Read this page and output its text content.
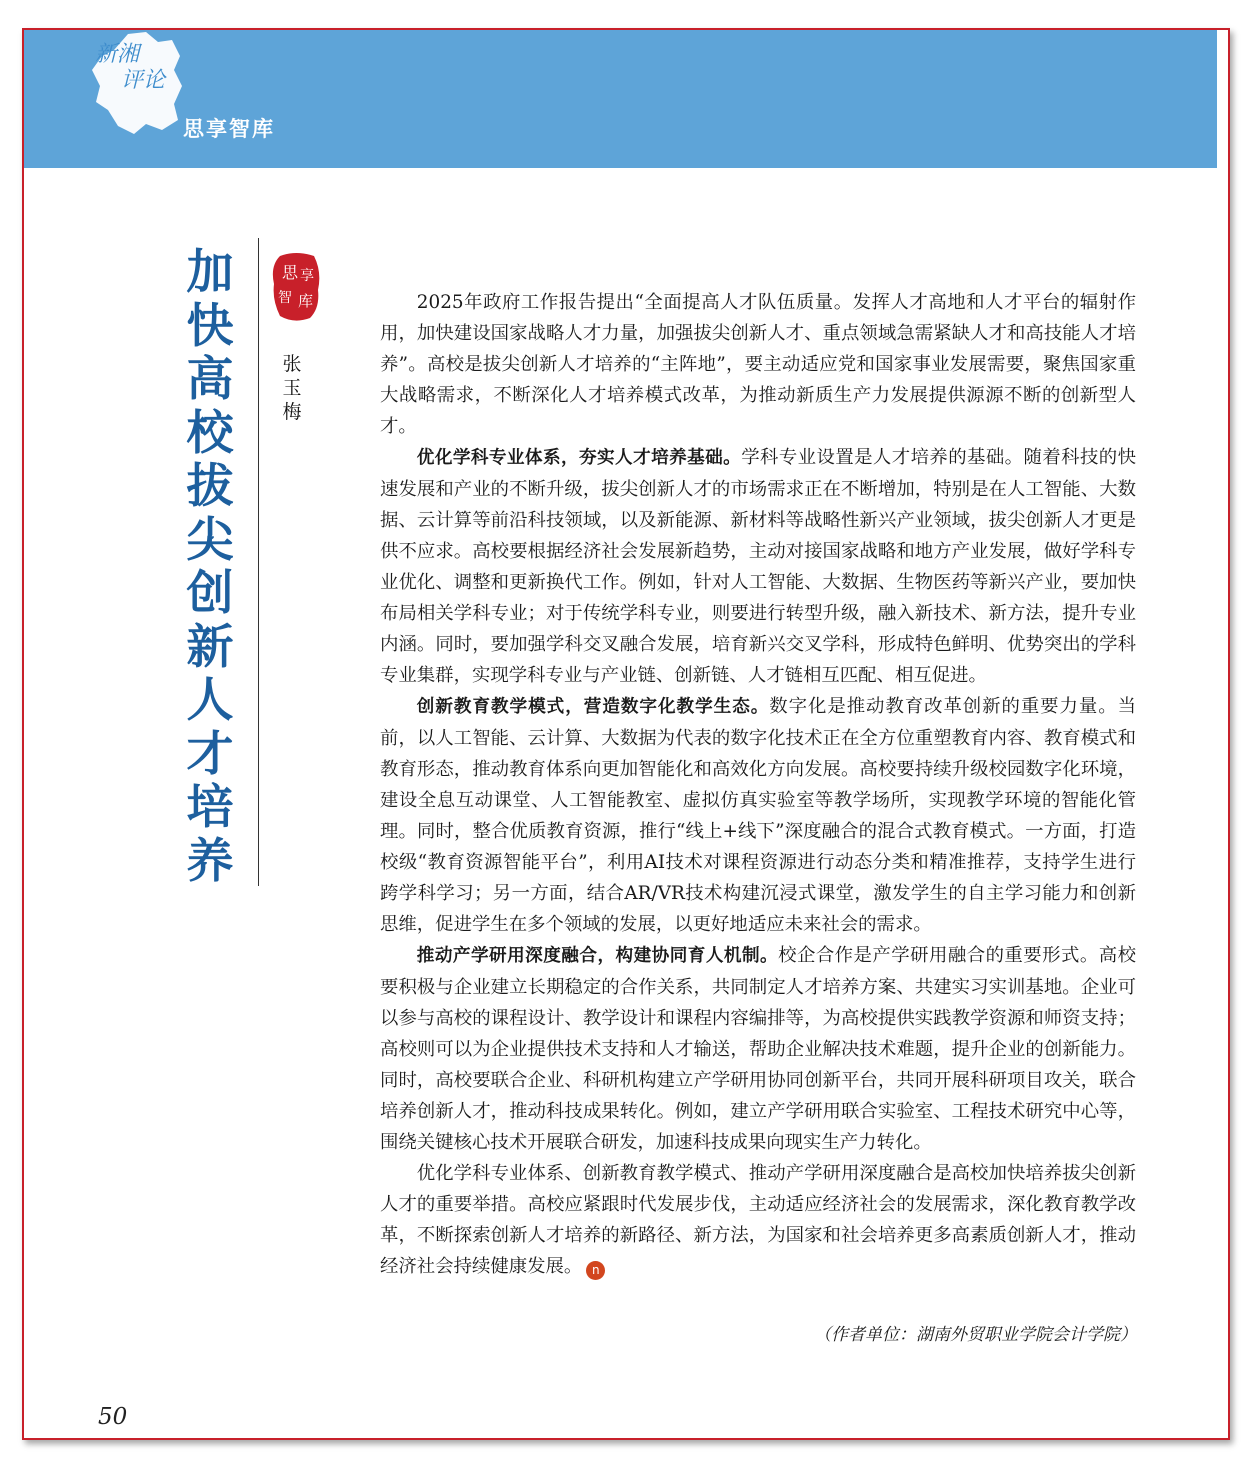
新湘
评论
思享智库
加
快
高
校
拔
尖
创
新
人
才
培
养
思 享
智 库
张
玉
梅

2025年政府工作报告提出“全面提高人才队伍质量。发挥人才高地和人才平台的辐射作用，加快建设国家战略人才力量，加强拔尖创新人才、重点领域急需紧缺人才和高技能人才培养”。高校是拔尖创新人才培养的“主阵地”，要主动适应党和国家事业发展需要，聚焦国家重大战略需求，不断深化人才培养模式改革，为推动新质生产力发展提供源源不断的创新型人才。

优化学科专业体系，夯实人才培养基础。学科专业设置是人才培养的基础。随着科技的快速发展和产业的不断升级，拔尖创新人才的市场需求正在不断增加，特别是在人工智能、大数据、云计算等前沿科技领域，以及新能源、新材料等战略性新兴产业领域，拔尖创新人才更是供不应求。高校要根据经济社会发展新趋势，主动对接国家战略和地方产业发展，做好学科专业优化、调整和更新换代工作。例如，针对人工智能、大数据、生物医药等新兴产业，要加快布局相关学科专业；对于传统学科专业，则要进行转型升级，融入新技术、新方法，提升专业内涵。同时，要加强学科交叉融合发展，培育新兴交叉学科，形成特色鲜明、优势突出的学科专业集群，实现学科专业与产业链、创新链、人才链相互匹配、相互促进。

创新教育教学模式，营造数字化教学生态。数字化是推动教育改革创新的重要力量。当前，以人工智能、云计算、大数据为代表的数字化技术正在全方位重塑教育内容、教育模式和教育形态，推动教育体系向更加智能化和高效化方向发展。高校要持续升级校园数字化环境，建设全息互动课堂、人工智能教室、虚拟仿真实验室等教学场所，实现教学环境的智能化管理。同时，整合优质教育资源，推行“线上+线下”深度融合的混合式教育模式。一方面，打造校级“教育资源智能平台”，利用AI技术对课程资源进行动态分类和精准推荐，支持学生进行跨学科学习；另一方面，结合AR/VR技术构建沉浸式课堂，激发学生的自主学习能力和创新思维，促进学生在多个领域的发展，以更好地适应未来社会的需求。

推动产学研用深度融合，构建协同育人机制。校企合作是产学研用融合的重要形式。高校要积极与企业建立长期稳定的合作关系，共同制定人才培养方案、共建实习实训基地。企业可以参与高校的课程设计、教学设计和课程内容编排等，为高校提供实践教学资源和师资支持；高校则可以为企业提供技术支持和人才输送，帮助企业解决技术难题，提升企业的创新能力。同时，高校要联合企业、科研机构建立产学研用协同创新平台，共同开展科研项目攻关，联合培养创新人才，推动科技成果转化。例如，建立产学研用联合实验室、工程技术研究中心等，围绕关键核心技术开展联合研发，加速科技成果向现实生产力转化。

优化学科专业体系、创新教育教学模式、推动产学研用深度融合是高校加快培养拔尖创新人才的重要举措。高校应紧跟时代发展步伐，主动适应经济社会的发展需求，深化教育教学改革，不断探索创新人才培养的新路径、新方法，为国家和社会培养更多高素质创新人才，推动经济社会持续健康发展。 n

（作者单位：湖南外贸职业学院会计学院）
50
